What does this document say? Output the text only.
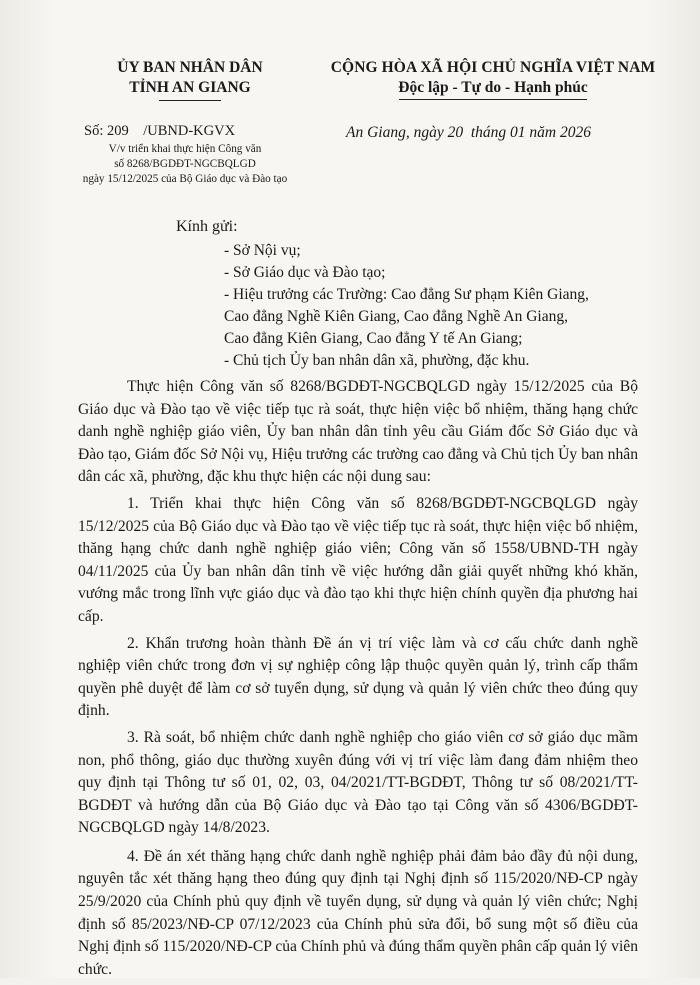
ỦY BAN NHÂN DÂN
TỈNH AN GIANG
CỘNG HÒA XÃ HỘI CHỦ NGHĨA VIỆT NAM
Độc lập - Tự do - Hạnh phúc
Số: 209    /UBND-KGVX
V/v triển khai thực hiện Công văn
số 8268/BGDĐT-NGCBQLGD
ngày 15/12/2025 của Bộ Giáo dục và Đào tạo
An Giang, ngày 20  tháng 01 năm 2026
Kính gửi:
- Sở Nội vụ;
- Sở Giáo dục và Đào tạo;
- Hiệu trưởng các Trường: Cao đẳng Sư phạm Kiên Giang,
Cao đẳng Nghề Kiên Giang, Cao đẳng Nghề An Giang,
Cao đẳng Kiên Giang, Cao đẳng Y tế An Giang;
- Chủ tịch Ủy ban nhân dân xã, phường, đặc khu.

Thực hiện Công văn số 8268/BGDĐT-NGCBQLGD ngày 15/12/2025 của Bộ Giáo dục và Đào tạo về việc tiếp tục rà soát, thực hiện việc bổ nhiệm, thăng hạng chức danh nghề nghiệp giáo viên, Ủy ban nhân dân tỉnh yêu cầu Giám đốc Sở Giáo dục và Đào tạo, Giám đốc Sở Nội vụ, Hiệu trưởng các trường cao đẳng và Chủ tịch Ủy ban nhân dân các xã, phường, đặc khu thực hiện các nội dung sau:

1. Triển khai thực hiện Công văn số 8268/BGDĐT-NGCBQLGD ngày 15/12/2025 của Bộ Giáo dục và Đào tạo về việc tiếp tục rà soát, thực hiện việc bổ nhiệm, thăng hạng chức danh nghề nghiệp giáo viên; Công văn số 1558/UBND-TH ngày 04/11/2025 của Ủy ban nhân dân tỉnh về việc hướng dẫn giải quyết những khó khăn, vướng mắc trong lĩnh vực giáo dục và đào tạo khi thực hiện chính quyền địa phương hai cấp.

2. Khẩn trương hoàn thành Đề án vị trí việc làm và cơ cấu chức danh nghề nghiệp viên chức trong đơn vị sự nghiệp công lập thuộc quyền quản lý, trình cấp thẩm quyền phê duyệt để làm cơ sở tuyển dụng, sử dụng và quản lý viên chức theo đúng quy định.

3. Rà soát, bổ nhiệm chức danh nghề nghiệp cho giáo viên cơ sở giáo dục mầm non, phổ thông, giáo dục thường xuyên đúng với vị trí việc làm đang đảm nhiệm theo quy định tại Thông tư số 01, 02, 03, 04/2021/TT-BGDĐT, Thông tư số 08/2021/TT-BGDĐT và hướng dẫn của Bộ Giáo dục và Đào tạo tại Công văn số 4306/BGDĐT-NGCBQLGD ngày 14/8/2023.

4. Đề án xét thăng hạng chức danh nghề nghiệp phải đảm bảo đầy đủ nội dung, nguyên tắc xét thăng hạng theo đúng quy định tại Nghị định số 115/2020/NĐ-CP ngày 25/9/2020 của Chính phủ quy định về tuyển dụng, sử dụng và quản lý viên chức; Nghị định số 85/2023/NĐ-CP 07/12/2023 của Chính phủ sửa đổi, bổ sung một số điều của Nghị định số 115/2020/NĐ-CP của Chính phủ và đúng thẩm quyền phân cấp quản lý viên chức.
